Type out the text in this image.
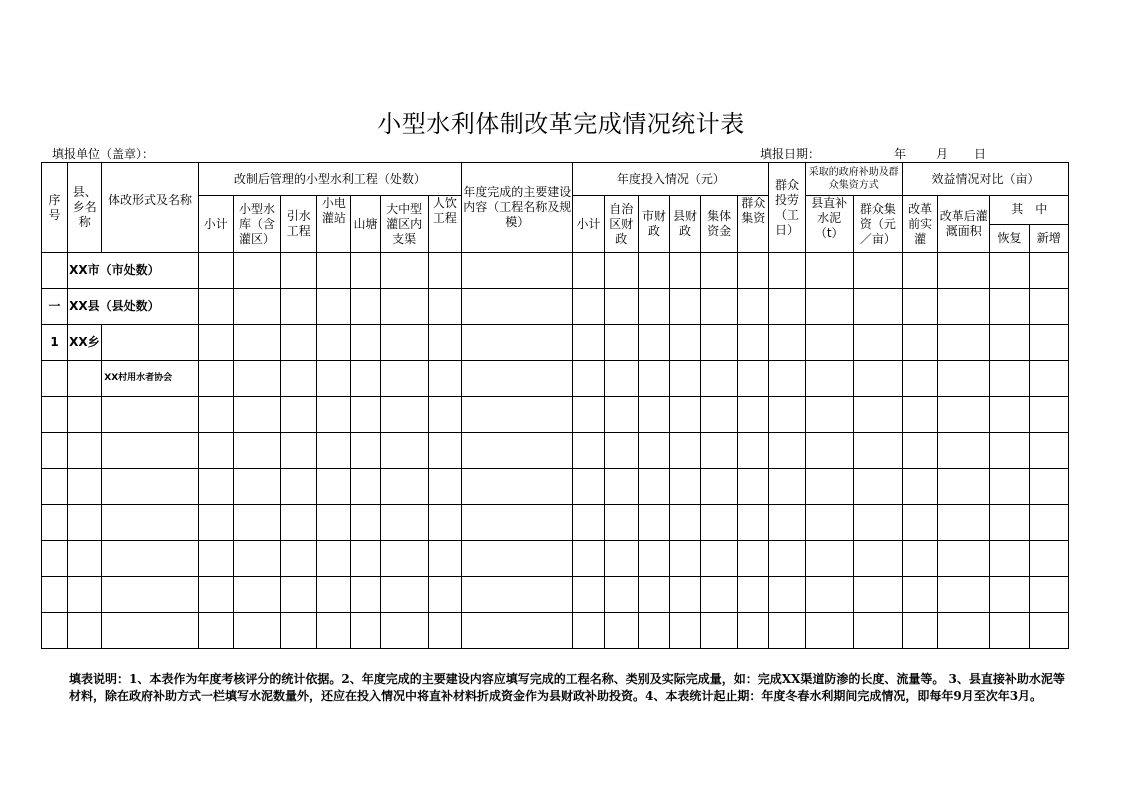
小型水利体制改革完成情况统计表
填报单位（盖章）：	填报日期：	年	月 日
序号	县、乡名称	体改形式及名称	改制后管理的小型水利工程（处数）							年度完成的主要建设内容（工程名称及规模）	年度投入情况（元）						群众投劳（工日）	采取的政府补助及群众集资方式		效益情况对比（亩）			
			小计	小型水库（含灌区）	引水工程	小电灌站	山塘	大中型灌区内支渠	人饮工程		小计	自治区财政	市财政	县财政	集体资金	群众集资		县直补水泥（t）	群众集资（元／亩）	改革前实灌	改革后灌溉面积	其　中	
																						恢复	新增
	XX市（市处数）																						
一	XX县（县处数）																						
1	XX乡																						
		XX村用水者协会																					

填表说明：1、本表作为年度考核评分的统计依据。2、年度完成的主要建设内容应填写完成的工程名称、类别及实际完成量，如：完成XX渠道防渗的长度、流量等。 3、县直接补助水泥等材料，除在政府补助方式一栏填写水泥数量外，还应在投入情况中将直补材料折成资金作为县财政补助投资。4、本表统计起止期：年度冬春水利期间完成情况，即每年9月至次年3月。
